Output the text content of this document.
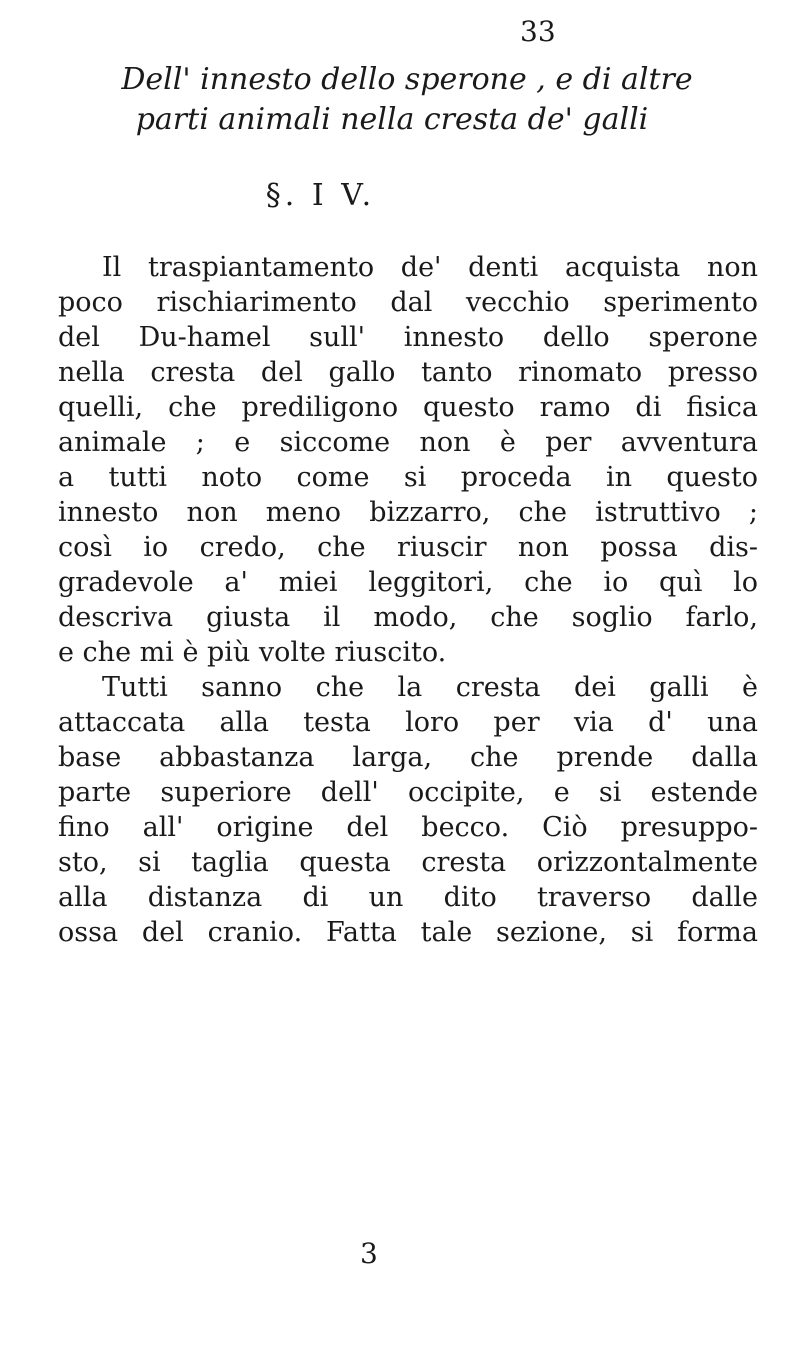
33
Dell' innesto dello sperone , e di altre
parti animali nella cresta de' galli
§. I V.
Il traspiantamento de' denti acquista non
poco rischiarimento dal vecchio sperimento
del Du-hamel sull' innesto dello sperone
nella cresta del gallo tanto rinomato presso
quelli, che prediligono questo ramo di fisica
animale ; e siccome non è per avventura
a tutti noto come si proceda in questo
innesto non meno bizzarro, che istruttivo ;
così io credo, che riuscir non possa dis-
gradevole a' miei leggitori, che io quì lo
descriva giusta il modo, che soglio farlo,
e che mi è più volte riuscito.
Tutti sanno che la cresta dei galli è
attaccata alla testa loro per via d' una
base abbastanza larga, che prende dalla
parte superiore dell' occipite, e si estende
fino all' origine del becco. Ciò presuppo-
sto, si taglia questa cresta orizzontalmente
alla distanza di un dito traverso dalle
ossa del cranio. Fatta tale sezione, si forma
3
